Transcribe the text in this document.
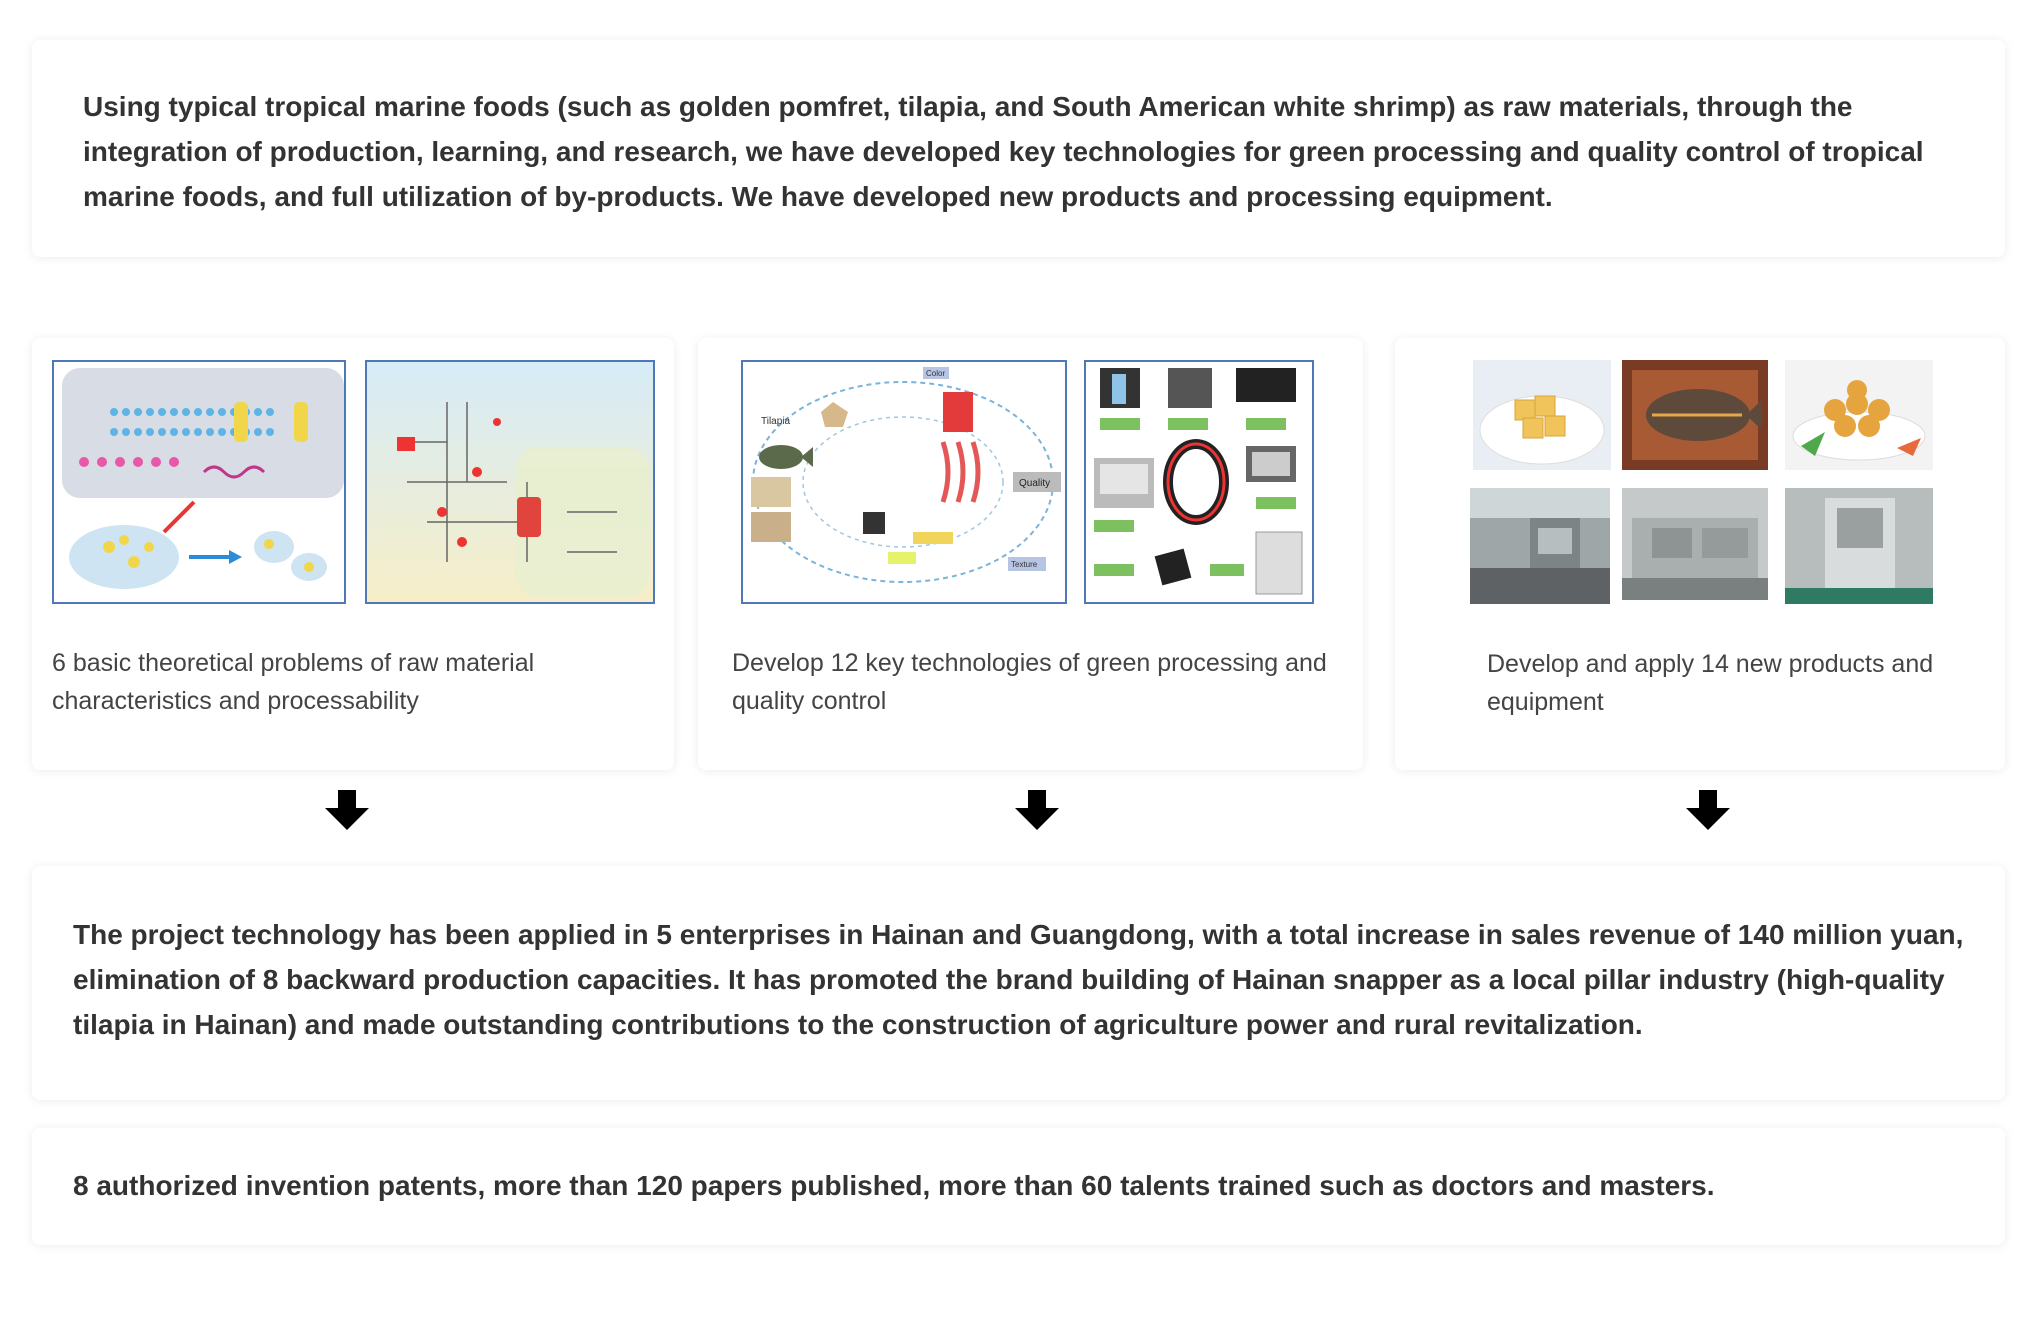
Using typical tropical marine foods (such as golden pomfret, tilapia, and South American white shrimp) as raw materials, through the integration of production, learning, and research, we have developed key technologies for green processing and quality control of tropical marine foods, and full utilization of by-products. We have developed new products and processing equipment.
6 basic theoretical problems of raw material characteristics and processability
Tilapia
Color
Quality
Texture
Develop 12 key technologies of green processing and quality control
Develop and apply 14 new products and equipment
The project technology has been applied in 5 enterprises in Hainan and Guangdong, with a total increase in sales revenue of 140 million yuan, elimination of 8 backward production capacities. It has promoted the brand building of Hainan snapper as a local pillar industry (high-quality tilapia in Hainan) and made outstanding contributions to the construction of agriculture power and rural revitalization.
8 authorized invention patents, more than 120 papers published, more than 60 talents trained such as doctors and masters.
